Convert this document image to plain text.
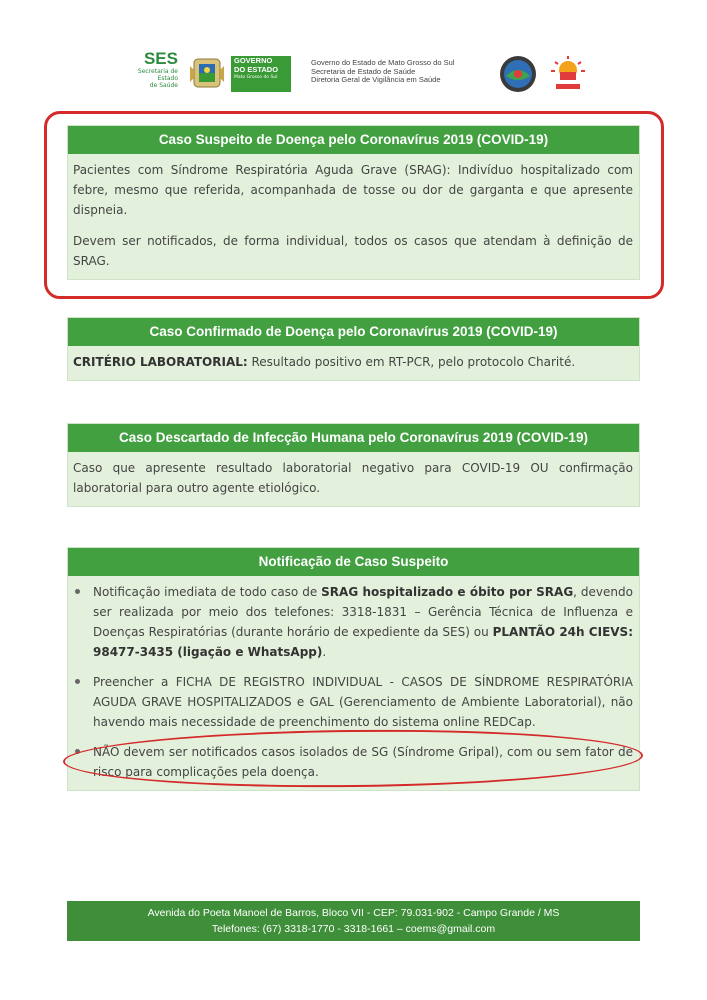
SES
Secretaria de Estado
de Saúde
GOVERNO
DO ESTADO
Mato Grosso do Sul
Governo do Estado de Mato Grosso do Sul
Secretaria de Estado de Saúde
Diretoria Geral de Vigilância em Saúde
Caso Suspeito de Doença pelo Coronavírus 2019 (COVID-19)

Pacientes com Síndrome Respiratória Aguda Grave (SRAG): Indivíduo hospitalizado com febre, mesmo que referida, acompanhada de tosse ou dor de garganta e que apresente dispneia.

Devem ser notificados, de forma individual, todos os casos que atendam à definição de SRAG.

Caso Confirmado de Doença pelo Coronavírus 2019 (COVID-19)

CRITÉRIO LABORATORIAL: Resultado positivo em RT-PCR, pelo protocolo Charité.

Caso Descartado de Infecção Humana pelo Coronavírus 2019 (COVID-19)

Caso que apresente resultado laboratorial negativo para COVID-19 OU confirmação laboratorial para outro agente etiológico.

Notificação de Caso Suspeito
Notificação imediata de todo caso de SRAG hospitalizado e óbito por SRAG, devendo ser realizada por meio dos telefones: 3318-1831 – Gerência Técnica de Influenza e Doenças Respiratórias (durante horário de expediente da SES) ou PLANTÃO 24h CIEVS: 98477-3435 (ligação e WhatsApp).
Preencher a FICHA DE REGISTRO INDIVIDUAL - CASOS DE SÍNDROME RESPIRATÓRIA AGUDA GRAVE HOSPITALIZADOS e GAL (Gerenciamento de Ambiente Laboratorial), não havendo mais necessidade de preenchimento do sistema online REDCap.
NÃO devem ser notificados casos isolados de SG (Síndrome Gripal), com ou sem fator de risco para complicações pela doença.
Avenida do Poeta Manoel de Barros, Bloco VII - CEP: 79.031-902 - Campo Grande / MS
Telefones: (67) 3318-1770 - 3318-1661 – coems@gmail.com
